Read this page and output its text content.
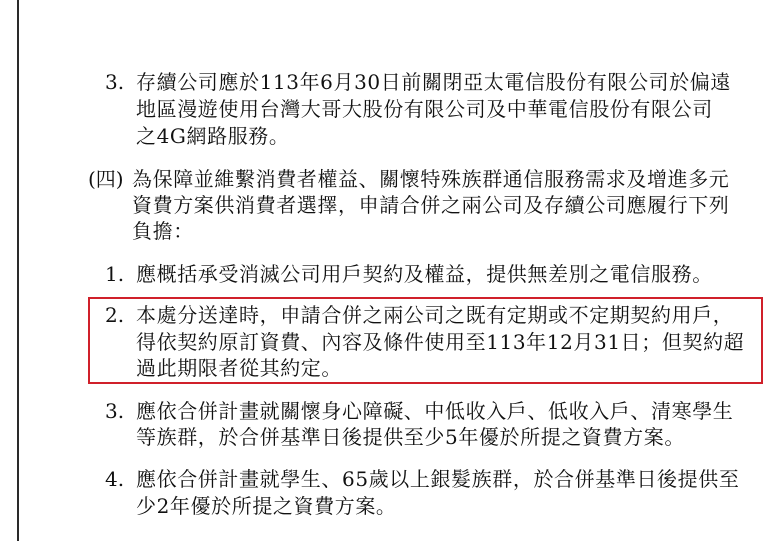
3. 存續公司應於113年6月30日前關閉亞太電信股份有限公司於偏遠
地區漫遊使用台灣大哥大股份有限公司及中華電信股份有限公司
之4G網路服務。
(四) 為保障並維繫消費者權益、關懷特殊族群通信服務需求及增進多元
資費方案供消費者選擇，申請合併之兩公司及存續公司應履行下列
負擔：
1. 應概括承受消滅公司用戶契約及權益，提供無差別之電信服務。
2. 本處分送達時，申請合併之兩公司之既有定期或不定期契約用戶，
得依契約原訂資費、內容及條件使用至113年12月31日；但契約超
過此期限者從其約定。
3. 應依合併計畫就關懷身心障礙、中低收入戶、低收入戶、清寒學生
等族群，於合併基準日後提供至少5年優於所提之資費方案。
4. 應依合併計畫就學生、65歲以上銀髮族群，於合併基準日後提供至
少2年優於所提之資費方案。
